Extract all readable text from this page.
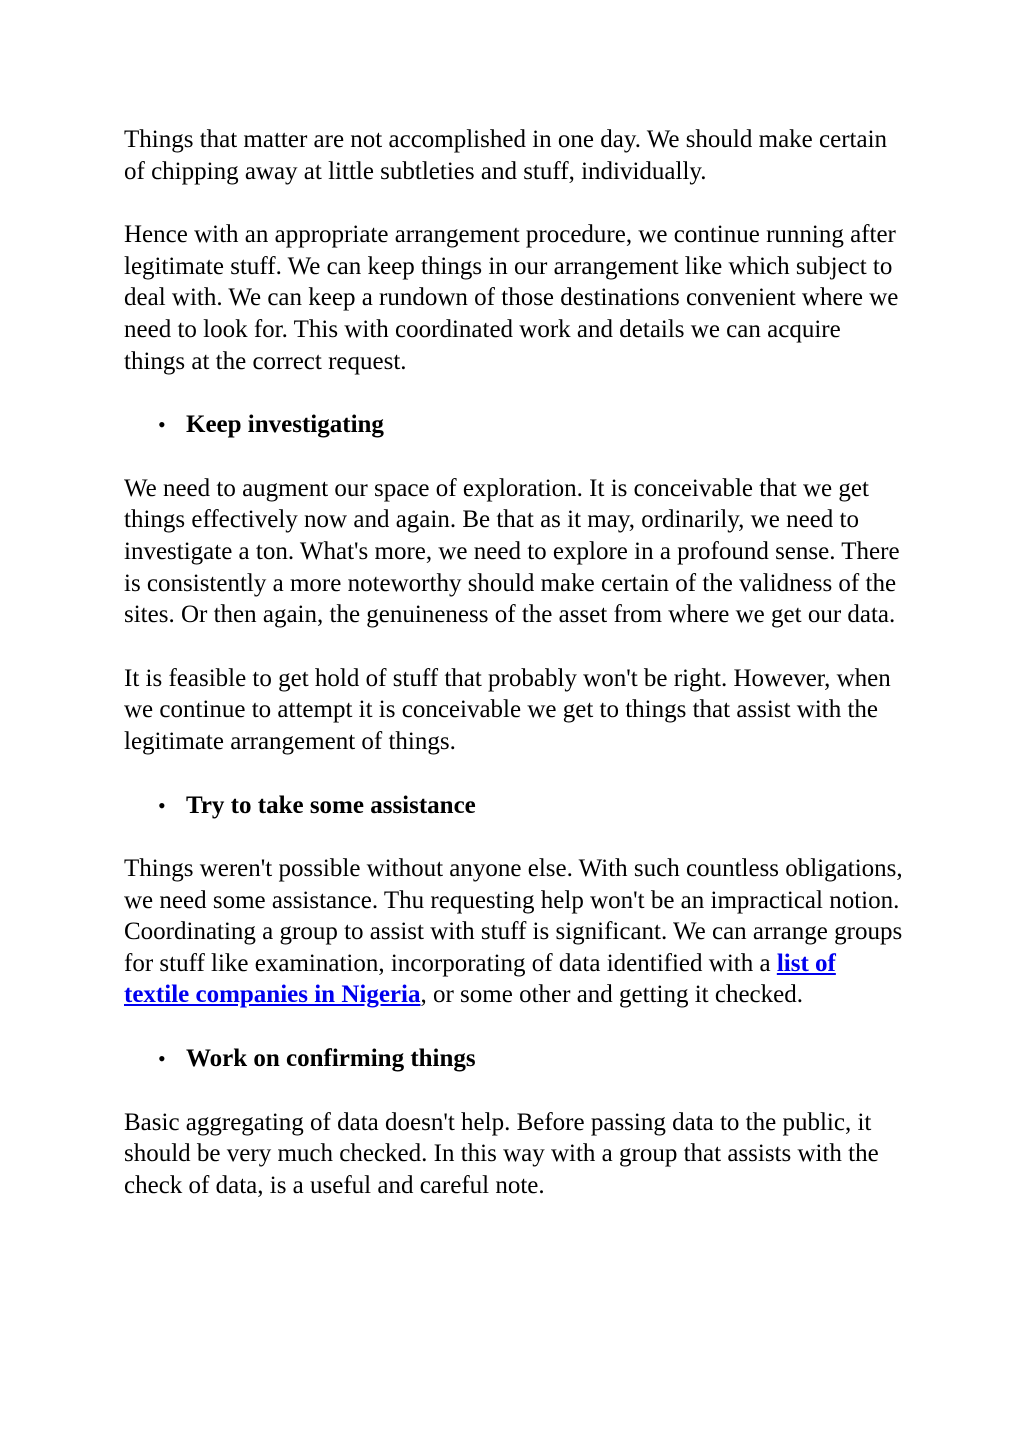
Things that matter are not accomplished in one day. We should make certain of chipping away at little subtleties and stuff, individually.

Hence with an appropriate arrangement procedure, we continue running after legitimate stuff. We can keep things in our arrangement like which subject to deal with. We can keep a rundown of those destinations convenient where we need to look for. This with coordinated work and details we can acquire things at the correct request.

• Keep investigating

We need to augment our space of exploration. It is conceivable that we get things effectively now and again. Be that as it may, ordinarily, we need to investigate a ton. What's more, we need to explore in a profound sense. There is consistently a more noteworthy should make certain of the validness of the sites. Or then again, the genuineness of the asset from where we get our data.

It is feasible to get hold of stuff that probably won't be right. However, when we continue to attempt it is conceivable we get to things that assist with the legitimate arrangement of things.

• Try to take some assistance

Things weren't possible without anyone else. With such countless obligations, we need some assistance. Thu requesting help won't be an impractical notion. Coordinating a group to assist with stuff is significant. We can arrange groups for stuff like examination, incorporating of data identified with a list of textile companies in Nigeria, or some other and getting it checked.

• Work on confirming things

Basic aggregating of data doesn't help. Before passing data to the public, it should be very much checked. In this way with a group that assists with the check of data, is a useful and careful note.
